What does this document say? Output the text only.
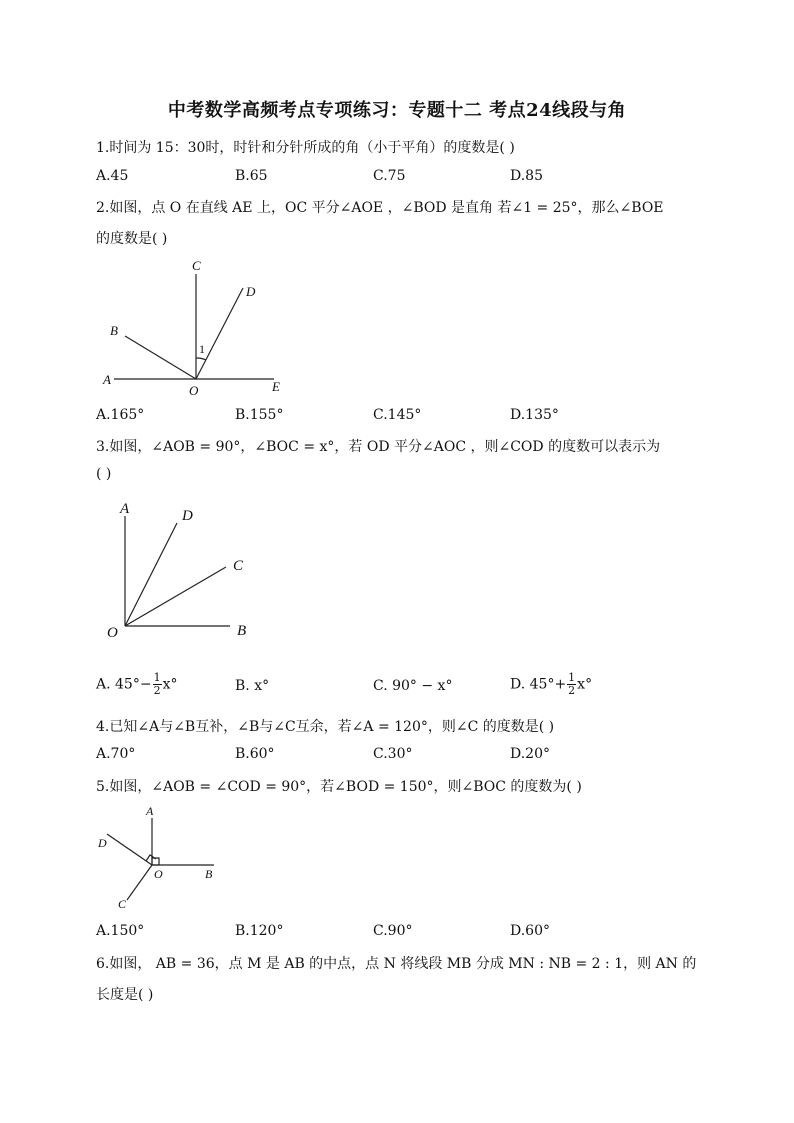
中考数学高频考点专项练习：专题十二 考点24线段与角
1.时间为 15：30时，时针和分针所成的角（小于平角）的度数是( )
A.45	B.65	C.75	D.85
2.如图，点 O 在直线 AE 上，OC 平分∠AOE ，∠BOD 是直角 若∠1 = 25°，那么∠BOE
的度数是( )
C
D
B
A
O	E
1
A.165°	B.155°	C.145°	D.135°
3.如图，∠AOB = 90°，∠BOC = x°，若 OD 平分∠AOC ，则∠COD 的度数可以表示为
( )
A	D
C
O	B
A. $45^\circ- \frac{1}{2} x^\circ$	B. x°	C. 90° − x°	D. $45^\circ+ \frac{1}{2} x^\circ$
4.已知∠A与∠B互补，∠B与∠C互余，若∠A = 120°，则∠C 的度数是( )
A.70°	B.60°	C.30°	D.20°
5.如图，∠AOB = ∠COD = 90°，若∠BOD = 150°，则∠BOC 的度数为( )
A
D
O	B
C
A.150°	B.120°	C.90°	D.60°
6.如图， AB = 36，点 M 是 AB 的中点，点 N 将线段 MB 分成 MN : NB = 2 : 1，则 AN 的
长度是( )
